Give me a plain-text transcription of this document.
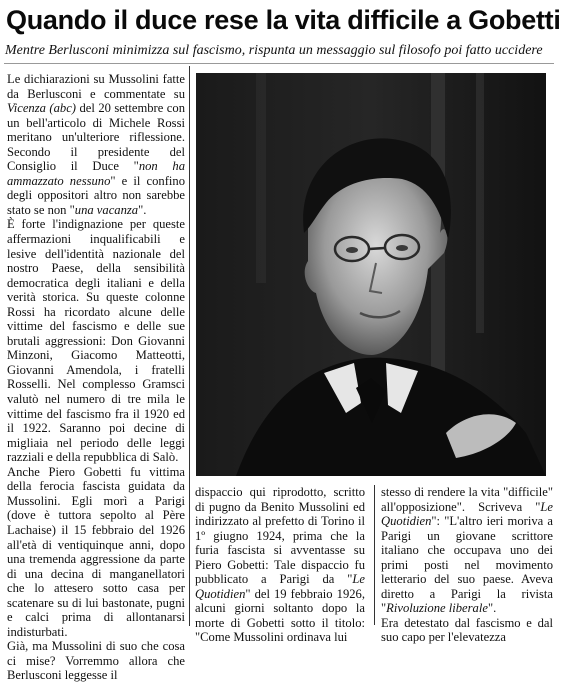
Quando il duce rese la vita difficile a Gobetti
Mentre Berlusconi minimizza sul fascismo, rispunta un messaggio sul filosofo poi fatto uccidere

Le dichiarazioni su Mussolini fatte da Berlusconi e commentate su Vicenza (abc) del 20 settembre con un bell'articolo di Michele Rossi meritano un'ulteriore riflessione. Secondo il presidente del Consiglio il Duce "non ha ammazzato nessuno" e il confino degli oppositori altro non sarebbe stato se non "una vacanza".

È forte l'indignazione per queste affermazioni inqualificabili e lesive dell'identità nazionale del nostro Paese, della sensibilità democratica degli italiani e della verità storica. Su queste colonne Rossi ha ricordato alcune delle vittime del fascismo e delle sue brutali aggressioni: Don Giovanni Minzoni, Giacomo Matteotti, Giovanni Amendola, i fratelli Rosselli. Nel complesso Gramsci valutò nel numero di tre mila le vittime del fascismo fra il 1920 ed il 1922. Saranno poi decine di migliaia nel periodo delle leggi razziali e della repubblica di Salò.

Anche Piero Gobetti fu vittima della ferocia fascista guidata da Mussolini. Egli morì a Parigi (dove è tuttora sepolto al Père Lachaise) il 15 febbraio del 1926 all'età di ventiquinque anni, dopo una tremenda aggressione da parte di una decina di manganellatori che lo attesero sotto casa per scatenare su di lui bastonate, pugni e calci prima di allontanarsi indisturbati.

Già, ma Mussolini di suo che cosa ci mise? Vorremmo allora che Berlusconi leggesse il

dispaccio qui riprodotto, scritto di pugno da Benito Mussolini ed indirizzato al prefetto di Torino il 1º giugno 1924, prima che la furia fascista si avventasse su Piero Gobetti: Tale dispaccio fu pubblicato a Parigi da "Le Quotidien" del 19 febbraio 1926, alcuni giorni soltanto dopo la morte di Gobetti sotto il titolo: "Come Mussolini ordinava lui

stesso di rendere la vita "difficile" all'opposizione". Scriveva "Le Quotidien": "L'altro ieri moriva a Parigi un giovane scrittore italiano che occupava uno dei primi posti nel movimento letterario del suo paese. Aveva diretto a Parigi la rivista "Rivoluzione liberale".

Era detestato dal fascismo e dal suo capo per l'elevatezza
